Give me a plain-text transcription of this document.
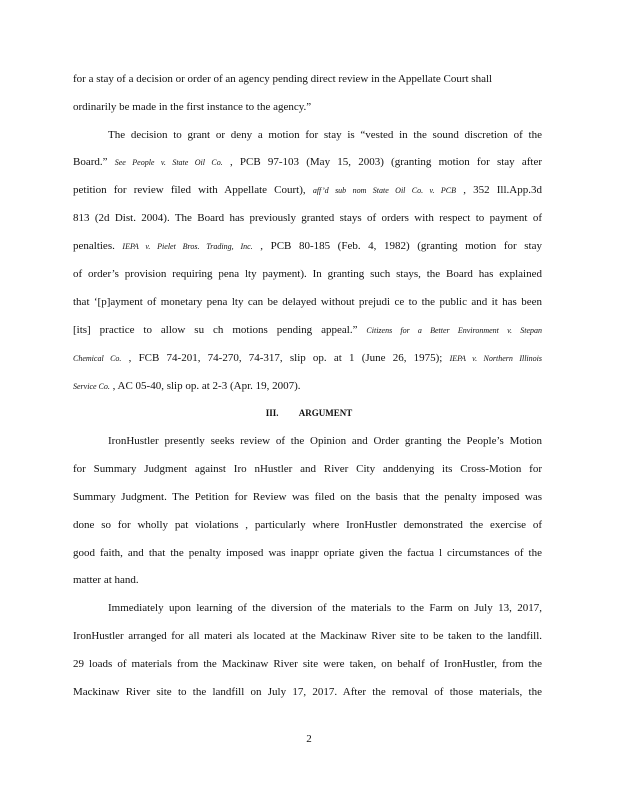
for a stay of a decision or order of an agency pending direct review in the Appellate Court shall
ordinarily be made in the first instance to the agency.”
The decision to grant or deny a motion for stay is “vested in the sound discretion of the
Board.” See People v. State Oil Co. , PCB 97-103 (May 15, 2003) (granting motion for stay after
petition for review filed with Appellate Court), aff’d sub nom State Oil Co. v. PCB , 352 Ill.App.3d
813 (2d Dist. 2004). The Board has previously granted stays of orders with respect to payment of
penalties. IEPA v. Pielet Bros. Trading, Inc. , PCB 80-185 (Feb. 4, 1982) (granting motion for stay
of order’s provision requiring pena lty payment). In granting such stays, the Board has explained
that ‘[p]ayment of monetary pena lty can be delayed without prejudi ce to the public and it has been
[its] practice to allow su ch motions pending appeal.” Citizens for a Better Environment v. Stepan
Chemical Co. , FCB 74-201, 74-270, 74-317, slip op. at 1 (June 26, 1975); IEPA v. Northern Illinois
Service Co. , AC 05-40, slip op. at 2-3 (Apr. 19, 2007).
III. ARGUMENT
IronHustler presently seeks review of the Opinion and Order granting the People’s Motion
for Summary Judgment against Iro nHustler and River City anddenying its Cross-Motion for
Summary Judgment. The Petition for Review was filed on the basis that the penalty imposed was
done so for wholly pat violations , particularly where IronHustler demonstrated the exercise of
good faith, and that the penalty imposed was inappr opriate given the factua l circumstances of the
matter at hand.
Immediately upon learning of the diversion of the materials to the Farm on July 13, 2017,
IronHustler arranged for all materi als located at the Mackinaw River site to be taken to the landfill.
29 loads of materials from the Mackinaw River site were taken, on behalf of IronHustler, from the
Mackinaw River site to the landfill on July 17, 2017. After the removal of those materials, the
2
